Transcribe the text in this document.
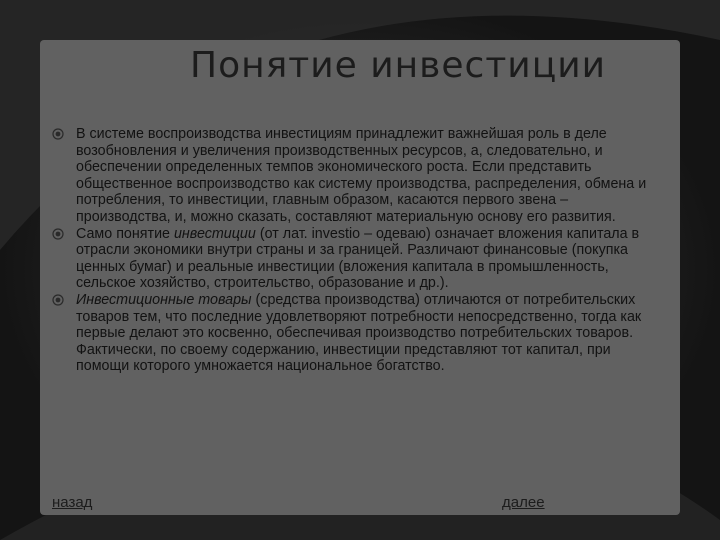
Понятие инвестиции
В системе воспроизводства инвестициям принадлежит важнейшая роль в деле возобновления и увеличения производственных ресурсов, а, следовательно, и обеспечении определенных темпов экономического роста. Если представить общественное воспроизводство как систему производства, распределения, обмена и потребления, то инвестиции, главным образом, касаются первого звена – производства, и, можно сказать, составляют материальную основу его развития.
Само понятие инвестиции (от лат. investio – одеваю) означает вложения капитала в отрасли экономики внутри страны и за границей. Различают финансовые (покупка ценных бумаг) и реальные инвестиции (вложения капитала в промышленность, сельское хозяйство, строительство, образование и др.).
Инвестиционные товары (средства производства) отличаются от потребительских товаров тем, что последние удовлетворяют потребности непосредственно, тогда как первые делают это косвенно, обеспечивая производство потребительских товаров. Фактически, по своему содержанию, инвестиции представляют тот капитал, при помощи которого умножается национальное богатство.
назад	далее
